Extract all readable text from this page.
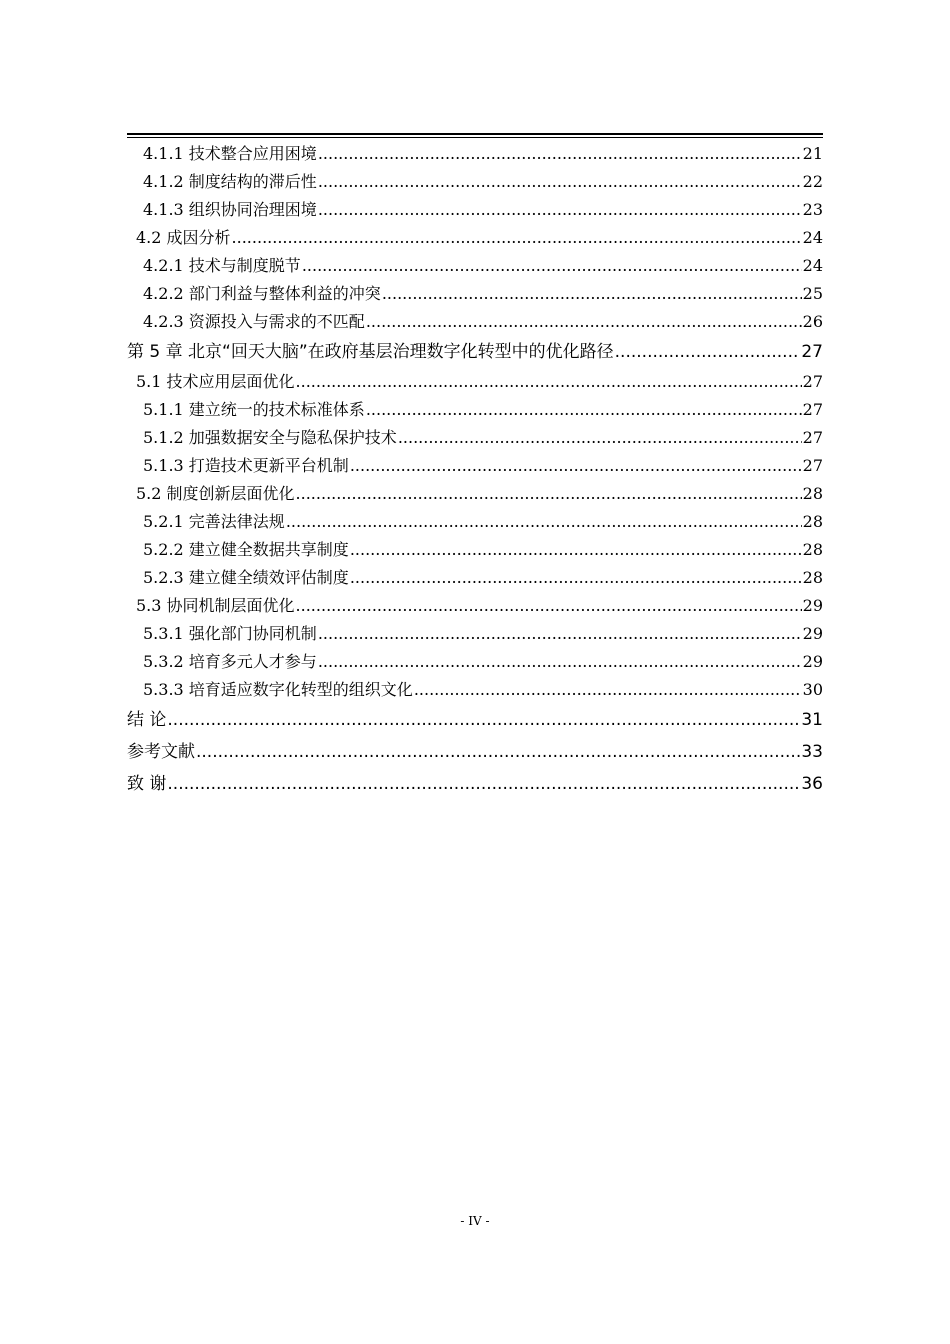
4.1.1 技术整合应用困境 .....	21
4.1.2 制度结构的滞后性 .....	22
4.1.3 组织协同治理困境 .....	23
4.2 成因分析 .....	24
4.2.1 技术与制度脱节 .....	24
4.2.2 部门利益与整体利益的冲突 .....	25
4.2.3 资源投入与需求的不匹配 .....	26
第 5 章 北京“回天大脑”在政府基层治理数字化转型中的优化路径 .....	27
5.1 技术应用层面优化 .....	27
5.1.1 建立统一的技术标准体系 .....	27
5.1.2 加强数据安全与隐私保护技术 .....	27
5.1.3 打造技术更新平台机制 .....	27
5.2 制度创新层面优化 .....	28
5.2.1 完善法律法规 .....	28
5.2.2 建立健全数据共享制度 .....	28
5.2.3 建立健全绩效评估制度 .....	28
5.3 协同机制层面优化 .....	29
5.3.1 强化部门协同机制 .....	29
5.3.2 培育多元人才参与 .....	29
5.3.3 培育适应数字化转型的组织文化 .....	30
结 论 .....	31
参考文献 .....	33
致 谢 .....	36
- IV -
